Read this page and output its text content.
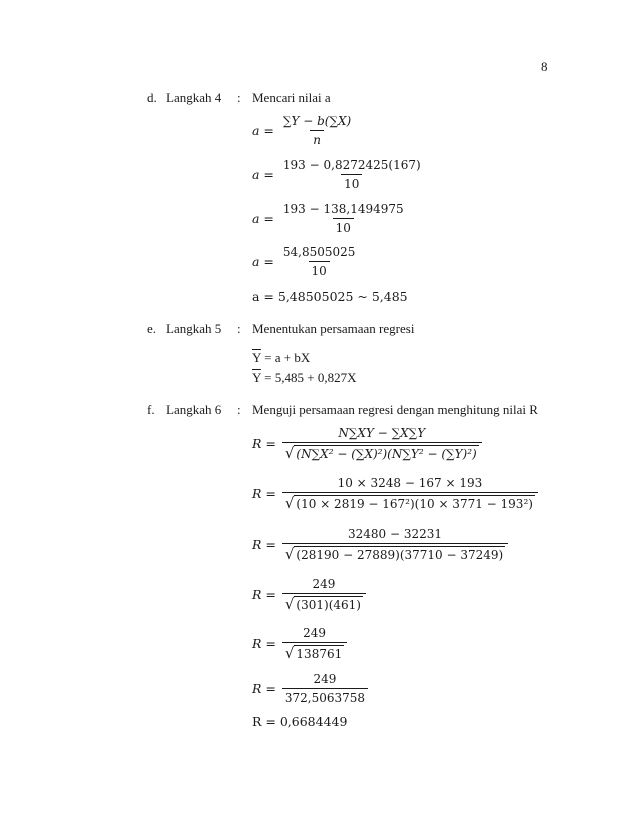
8
d. Langkah 4 : Mencari nilai a
$a = \frac{\sum Y - b(\sum X)}{n}$
$a = \frac{193 - 0,8272425(167)}{10}$
$a = \frac{193 - 138,1494975}{10}$
$a = \frac{54,8505025}{10}$
a = 5,48505025 ~ 5,485
e. Langkah 5 : Menentukan persamaan regresi
$\overline{Y} = a$ + bX
$\overline{Y} = 5,485 + 0,827X$
f. Langkah 6 : Menguji persamaan regresi dengan menghitung nilai R
$R = \frac{N\sum XY - \sum X\sum Y}{\text{√ (N∑X² − (∑X)²)(N∑Y² − (∑Y)²)}}$
$R = \frac{10 \times 3248 - 167 \times 193}{\text{√ (10 × 2819 − 167²)(10 × 3771 − 193²)}}$
$R = \frac{32480 - 32231}{√ (28190 - 27889)(37710 - 37249)}$
$R = \frac{249}{√ (301)(461)}$
$R = \frac{249}{√ 138761}$
$R = \frac{249}{372,5063758}$
R = 0,6684449
